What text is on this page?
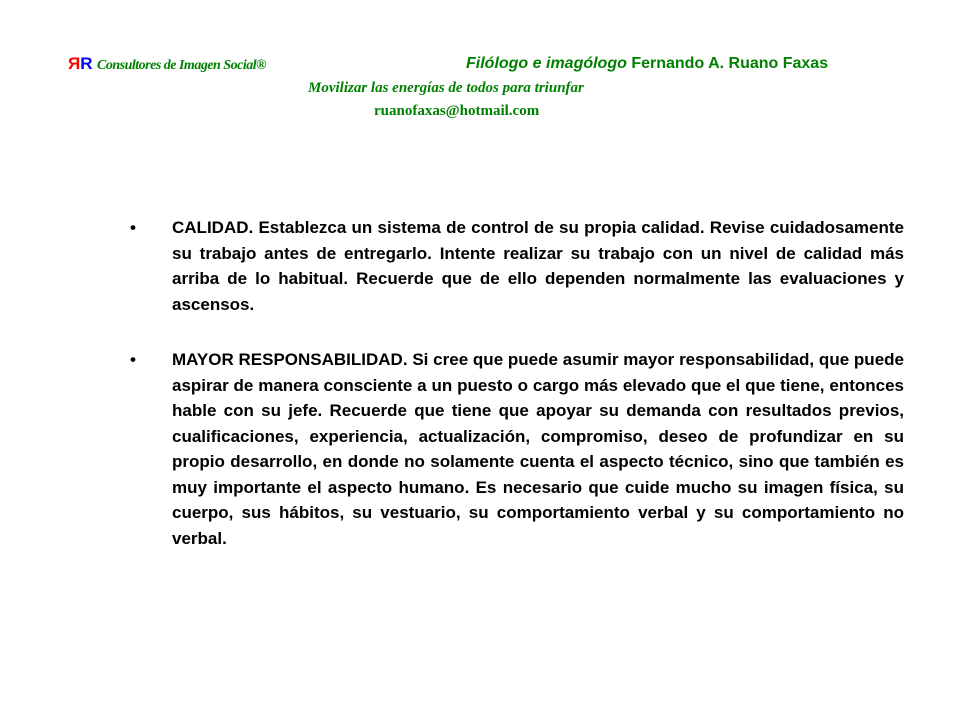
RR Consultores de Imagen Social®	Filólogo e imagólogo Fernando A. Ruano Faxas
Movilizar las energías de todos para triunfar
ruanofaxas@hotmail.com
• CALIDAD. Establezca un sistema de control de su propia calidad. Revise cuidadosamente su trabajo antes de entregarlo. Intente realizar su trabajo con un nivel de calidad más arriba de lo habitual. Recuerde que de ello dependen normalmente las evaluaciones y ascensos.
• MAYOR RESPONSABILIDAD. Si cree que puede asumir mayor responsabilidad, que puede aspirar de manera consciente a un puesto o cargo más elevado que el que tiene, entonces hable con su jefe. Recuerde que tiene que apoyar su demanda con resultados previos, cualificaciones, experiencia, actualización, compromiso, deseo de profundizar en su propio desarrollo, en donde no solamente cuenta el aspecto técnico, sino que también es muy importante el aspecto humano. Es necesario que cuide mucho su imagen física, su cuerpo, sus hábitos, su vestuario, su comportamiento verbal y su comportamiento no verbal.
